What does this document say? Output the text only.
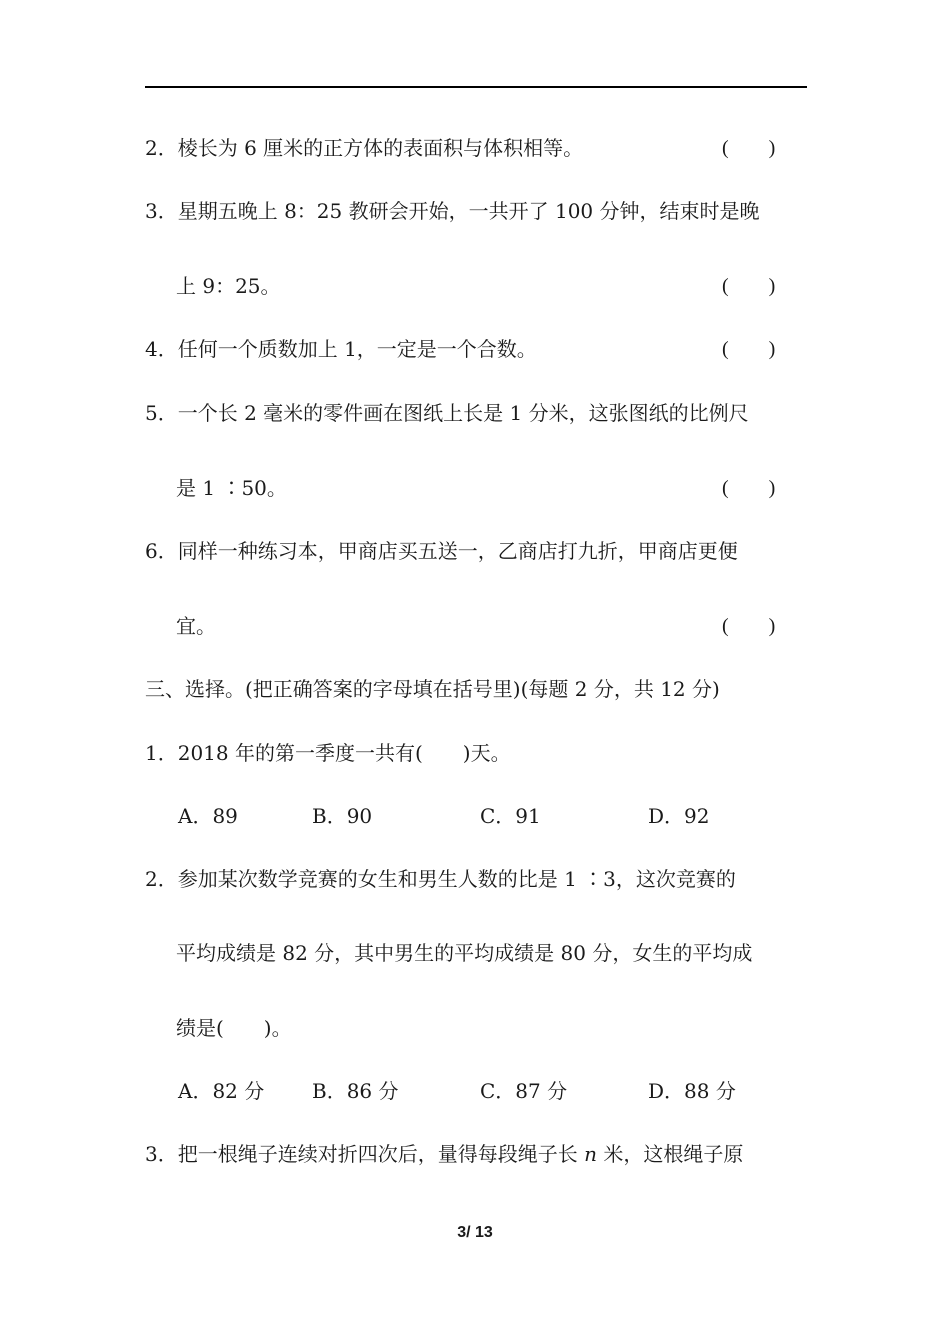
2．棱长为 6 厘米的正方体的表面积与体积相等。	(　　)
3．星期五晚上 8：25 教研会开始，一共开了 100 分钟，结束时是晚
上 9：25。	(　　)
4．任何一个质数加上 1，一定是一个合数。	(　　)
5．一个长 2 毫米的零件画在图纸上长是 1 分米，这张图纸的比例尺
是 1 ∶50。	(　　)
6．同样一种练习本，甲商店买五送一，乙商店打九折，甲商店更便
宜。	(　　)
三、选择。(把正确答案的字母填在括号里)(每题 2 分，共 12 分)
1．2018 年的第一季度一共有(　　)天。
A．89	B．90	C．91	D．92
2．参加某次数学竞赛的女生和男生人数的比是 1 ∶3，这次竞赛的
平均成绩是 82 分，其中男生的平均成绩是 80 分，女生的平均成
绩是(　　)。
A．82 分 B．86 分	C．87 分	D．88 分
3．把一根绳子连续对折四次后，量得每段绳子长 n 米，这根绳子原
3/ 13
